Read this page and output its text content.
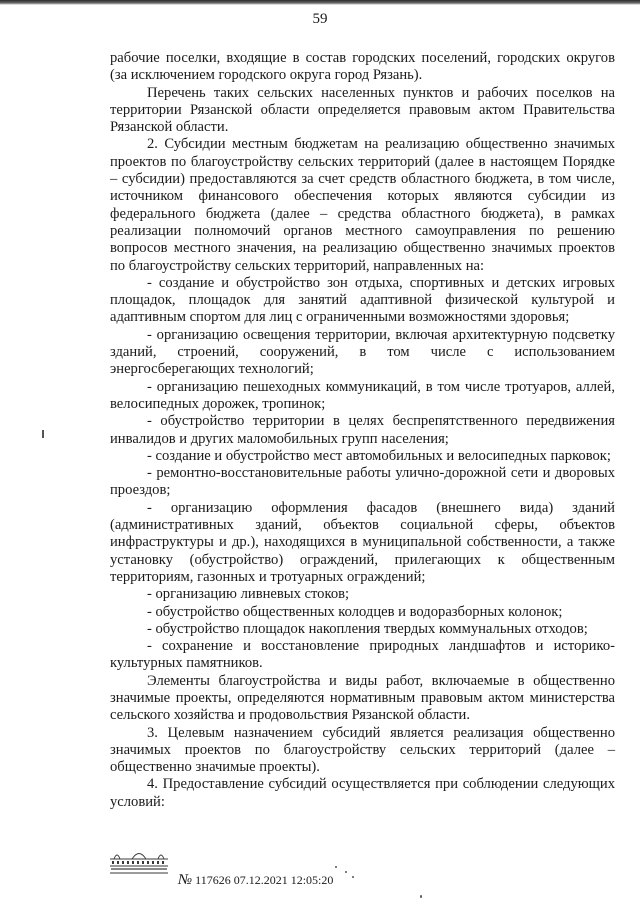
59

рабочие поселки, входящие в состав городских поселений, городских округов (за исключением городского округа город Рязань).

Перечень таких сельских населенных пунктов и рабочих поселков на территории Рязанской области определяется правовым актом Правительства Рязанской области.

2. Субсидии местным бюджетам на реализацию общественно значимых проектов по благоустройству сельских территорий (далее в настоящем Порядке – субсидии) предоставляются за счет средств областного бюджета, в том числе, источником финансового обеспечения которых являются субсидии из федерального бюджета (далее – средства областного бюджета), в рамках реализации полномочий органов местного самоуправления по решению вопросов местного значения, на реализацию общественно значимых проектов по благоустройству сельских территорий, направленных на:

- создание и обустройство зон отдыха, спортивных и детских игровых площадок, площадок для занятий адаптивной физической культурой и адаптивным спортом для лиц с ограниченными возможностями здоровья;

- организацию освещения территории, включая архитектурную подсветку зданий, строений, сооружений, в том числе с использованием энергосберегающих технологий;

- организацию пешеходных коммуникаций, в том числе тротуаров, аллей, велосипедных дорожек, тропинок;

- обустройство территории в целях беспрепятственного передвижения инвалидов и других маломобильных групп населения;

- создание и обустройство мест автомобильных и велосипедных парковок;

- ремонтно-восстановительные работы улично-дорожной сети и дворовых проездов;

- организацию оформления фасадов (внешнего вида) зданий (административных зданий, объектов социальной сферы, объектов инфраструктуры и др.), находящихся в муниципальной собственности, а также установку (обустройство) ограждений, прилегающих к общественным территориям, газонных и тротуарных ограждений;

- организацию ливневых стоков;

- обустройство общественных колодцев и водоразборных колонок;

- обустройство площадок накопления твердых коммунальных отходов;

- сохранение и восстановление природных ландшафтов и историко-культурных памятников.

Элементы благоустройства и виды работ, включаемые в общественно значимые проекты, определяются нормативным правовым актом министерства сельского хозяйства и продовольствия Рязанской области.

3. Целевым назначением субсидий является реализация общественно значимых проектов по благоустройству сельских территорий (далее – общественно значимые проекты).

4. Предоставление субсидий осуществляется при соблюдении следующих условий:

№ 117626 07.12.2021 12:05:20
